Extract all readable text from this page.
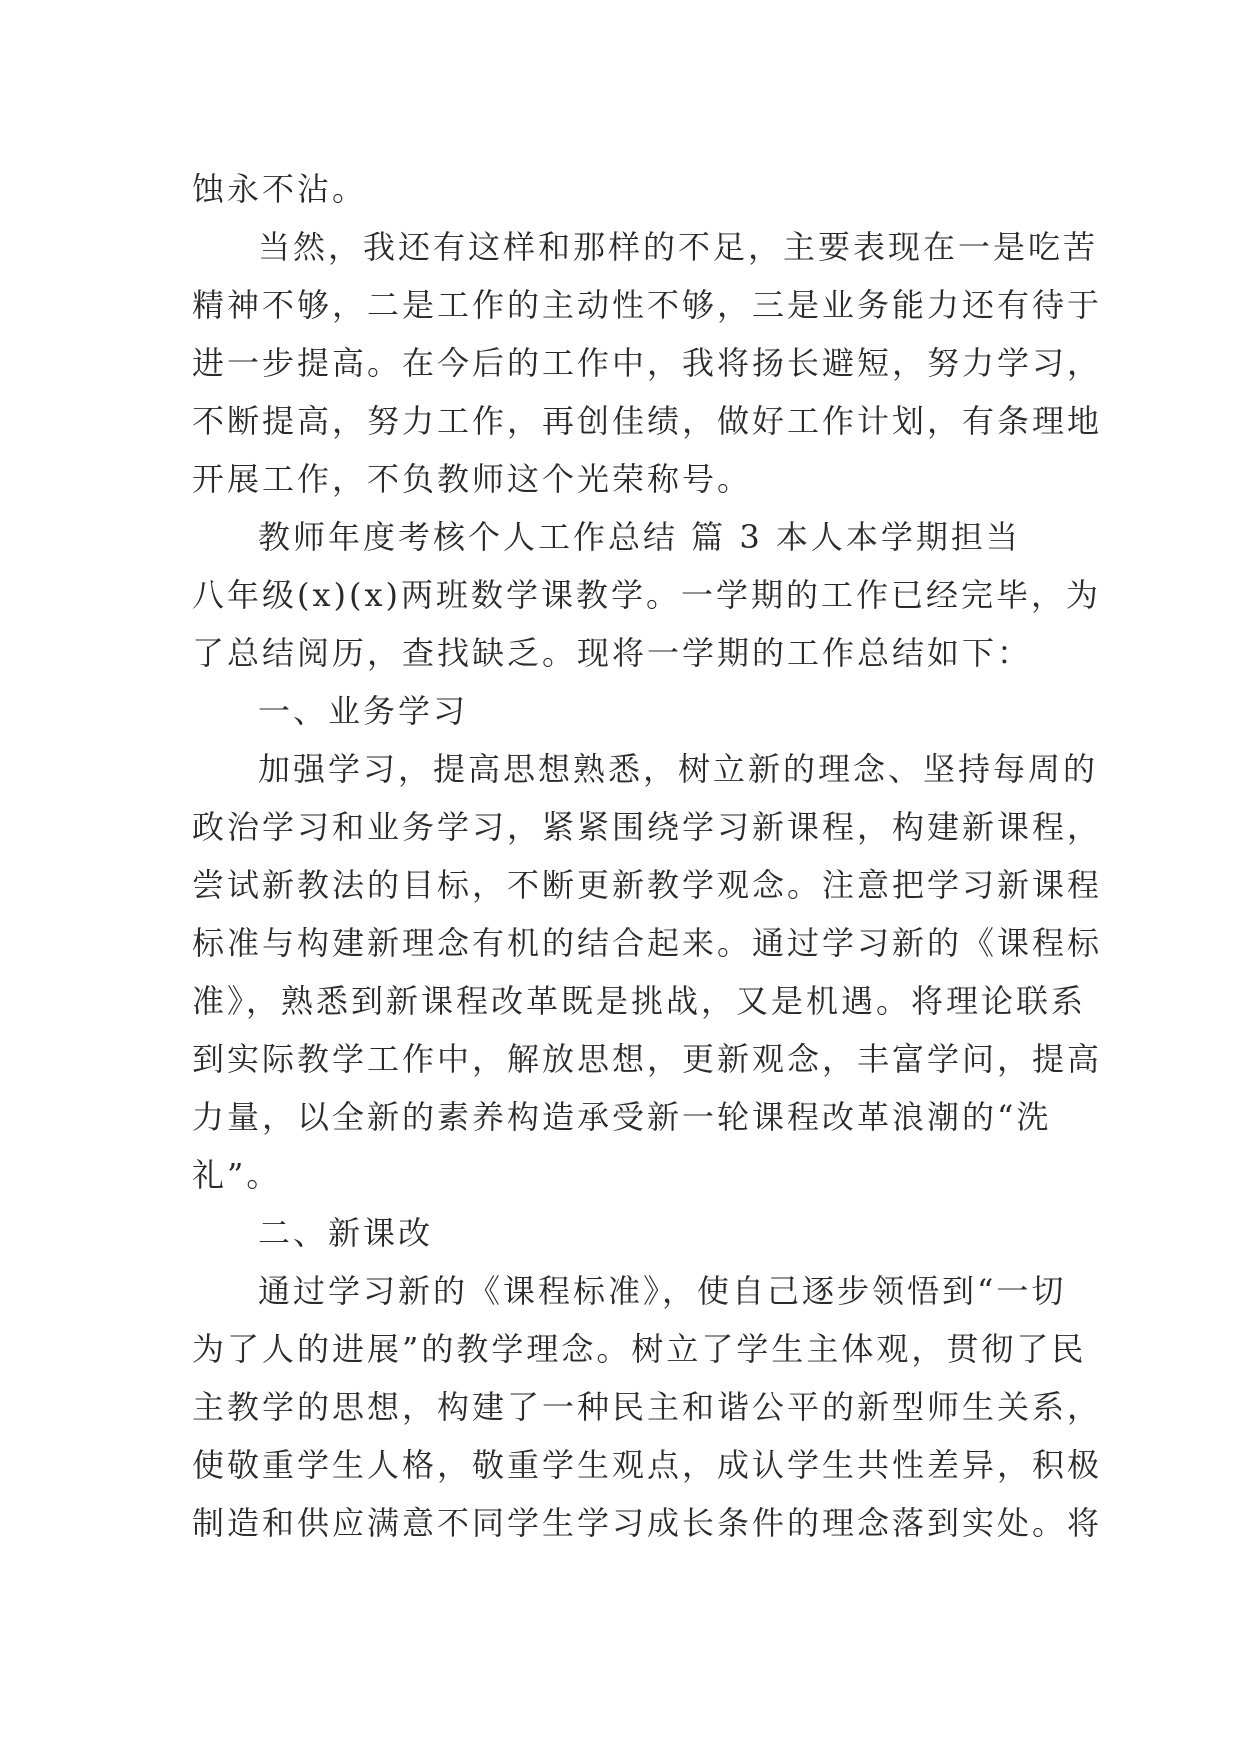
蚀永不沾。
当然，我还有这样和那样的不足，主要表现在一是吃苦
精神不够，二是工作的主动性不够，三是业务能力还有待于
进一步提高。在今后的工作中，我将扬长避短，努力学习，
不断提高，努力工作，再创佳绩，做好工作计划，有条理地
开展工作，不负教师这个光荣称号。
教师年度考核个人工作总结 篇 3 本人本学期担当
八年级(x)(x)两班数学课教学。一学期的工作已经完毕，为
了总结阅历，查找缺乏。现将一学期的工作总结如下：
一、业务学习
加强学习，提高思想熟悉，树立新的理念、坚持每周的
政治学习和业务学习，紧紧围绕学习新课程，构建新课程，
尝试新教法的目标，不断更新教学观念。注意把学习新课程
标准与构建新理念有机的结合起来。通过学习新的《课程标
准》，熟悉到新课程改革既是挑战，又是机遇。将理论联系
到实际教学工作中，解放思想，更新观念，丰富学问，提高
力量，以全新的素养构造承受新一轮课程改革浪潮的“洗
礼”。
二、新课改
通过学习新的《课程标准》，使自己逐步领悟到“一切
为了人的进展”的教学理念。树立了学生主体观，贯彻了民
主教学的思想，构建了一种民主和谐公平的新型师生关系，
使敬重学生人格，敬重学生观点，成认学生共性差异，积极
制造和供应满意不同学生学习成长条件的理念落到实处。将
